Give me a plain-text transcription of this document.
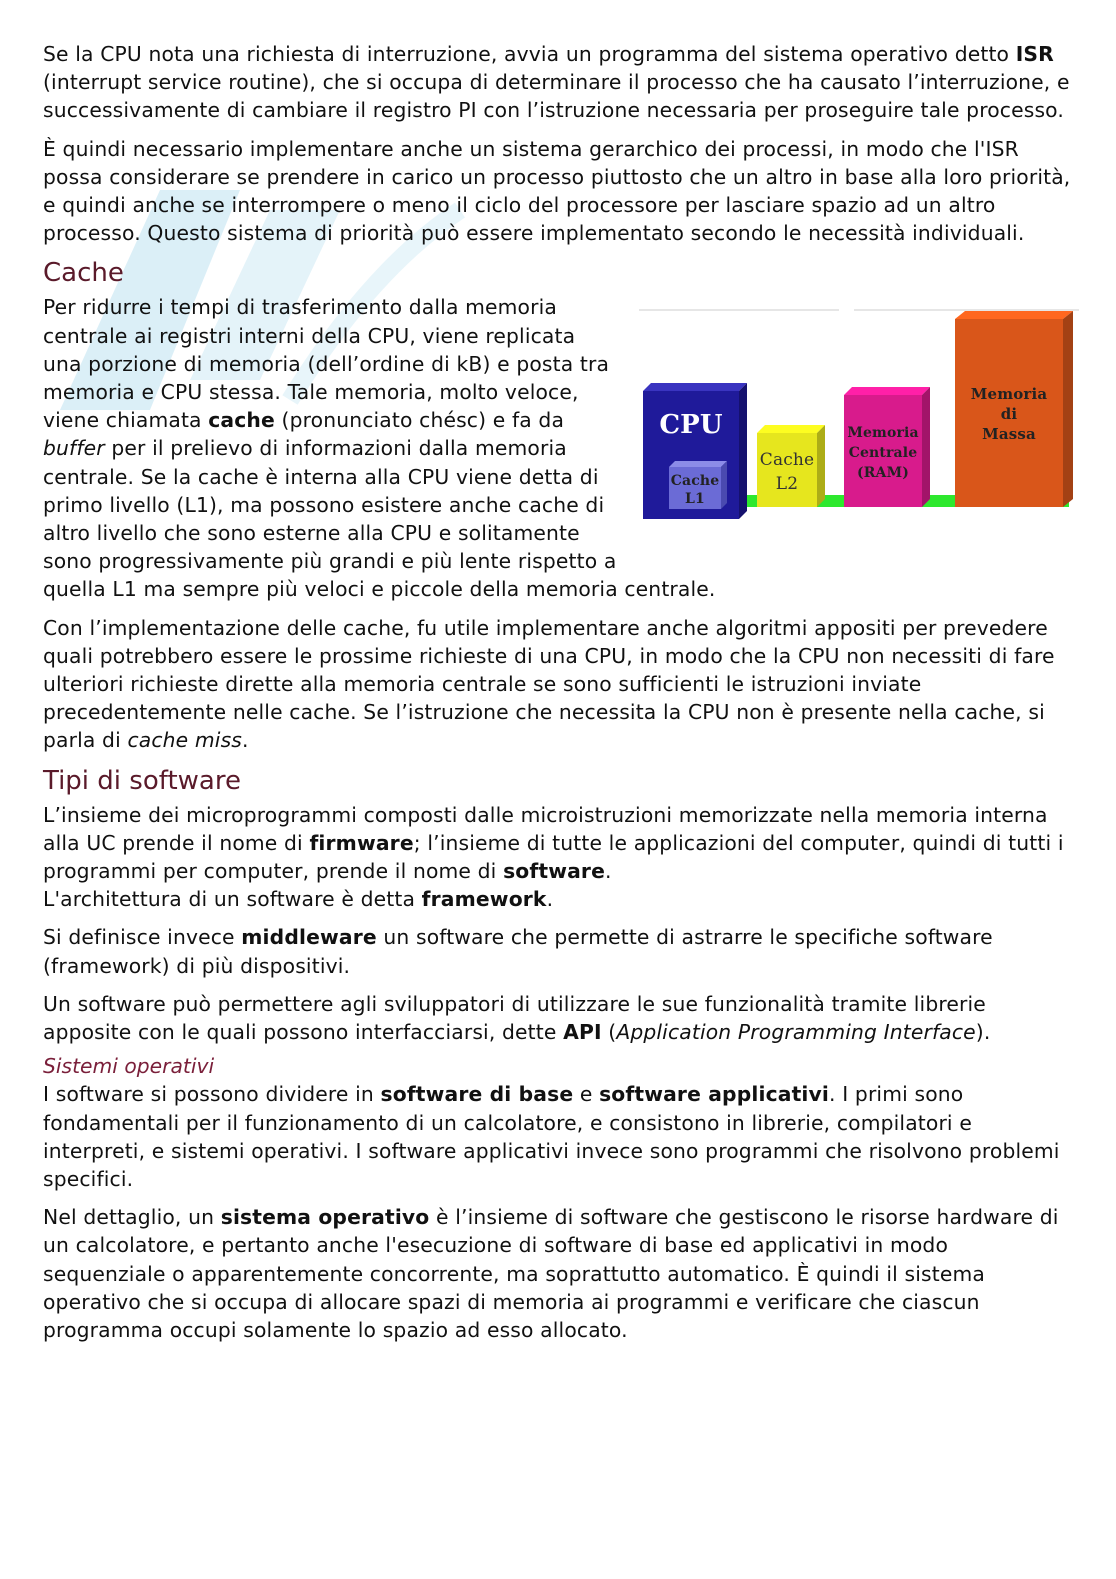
Se la CPU nota una richiesta di interruzione, avvia un programma del sistema operativo detto ISR (interrupt service routine), che si occupa di determinare il processo che ha causato l’interruzione, e successivamente di cambiare il registro PI con l’istruzione necessaria per proseguire tale processo.

È quindi necessario implementare anche un sistema gerarchico dei processi, in modo che l'ISR possa considerare se prendere in carico un processo piuttosto che un altro in base alla loro priorità, e quindi anche se interrompere o meno il ciclo del processore per lasciare spazio ad un altro processo. Questo sistema di priorità può essere implementato secondo le necessità individuali.

Cache

Memoria
di
Massa
Memoria
Centrale
(RAM)
Cache
L2
CPU
Cache
L1
Per ridurre i tempi di trasferimento dalla memoria centrale ai registri interni della CPU, viene replicata una porzione di memoria (dell’ordine di kB) e posta tra memoria e CPU stessa. Tale memoria, molto veloce, viene chiamata cache (pronunciato chésc) e fa da buffer per il prelievo di informazioni dalla memoria centrale. Se la cache è interna alla CPU viene detta di primo livello (L1), ma possono esistere anche cache di altro livello che sono esterne alla CPU e solitamente sono progressivamente più grandi e più lente rispetto a quella L1 ma sempre più veloci e piccole della memoria centrale.

Con l’implementazione delle cache, fu utile implementare anche algoritmi appositi per prevedere quali potrebbero essere le prossime richieste di una CPU, in modo che la CPU non necessiti di fare ulteriori richieste dirette alla memoria centrale se sono sufficienti le istruzioni inviate precedentemente nelle cache. Se l’istruzione che necessita la CPU non è presente nella cache, si parla di cache miss.

Tipi di software

L’insieme dei microprogrammi composti dalle microistruzioni memorizzate nella memoria interna alla UC prende il nome di firmware; l’insieme di tutte le applicazioni del computer, quindi di tutti i programmi per computer, prende il nome di software.
L'architettura di un software è detta framework.

Si definisce invece middleware un software che permette di astrarre le specifiche software (framework) di più dispositivi.

Un software può permettere agli sviluppatori di utilizzare le sue funzionalità tramite librerie apposite con le quali possono interfacciarsi, dette API (Application Programming Interface).

Sistemi operativi

I software si possono dividere in software di base e software applicativi. I primi sono fondamentali per il funzionamento di un calcolatore, e consistono in librerie, compilatori e interpreti, e sistemi operativi. I software applicativi invece sono programmi che risolvono problemi specifici.

Nel dettaglio, un sistema operativo è l’insieme di software che gestiscono le risorse hardware di un calcolatore, e pertanto anche l'esecuzione di software di base ed applicativi in modo sequenziale o apparentemente concorrente, ma soprattutto automatico. È quindi il sistema operativo che si occupa di allocare spazi di memoria ai programmi e verificare che ciascun programma occupi solamente lo spazio ad esso allocato.
